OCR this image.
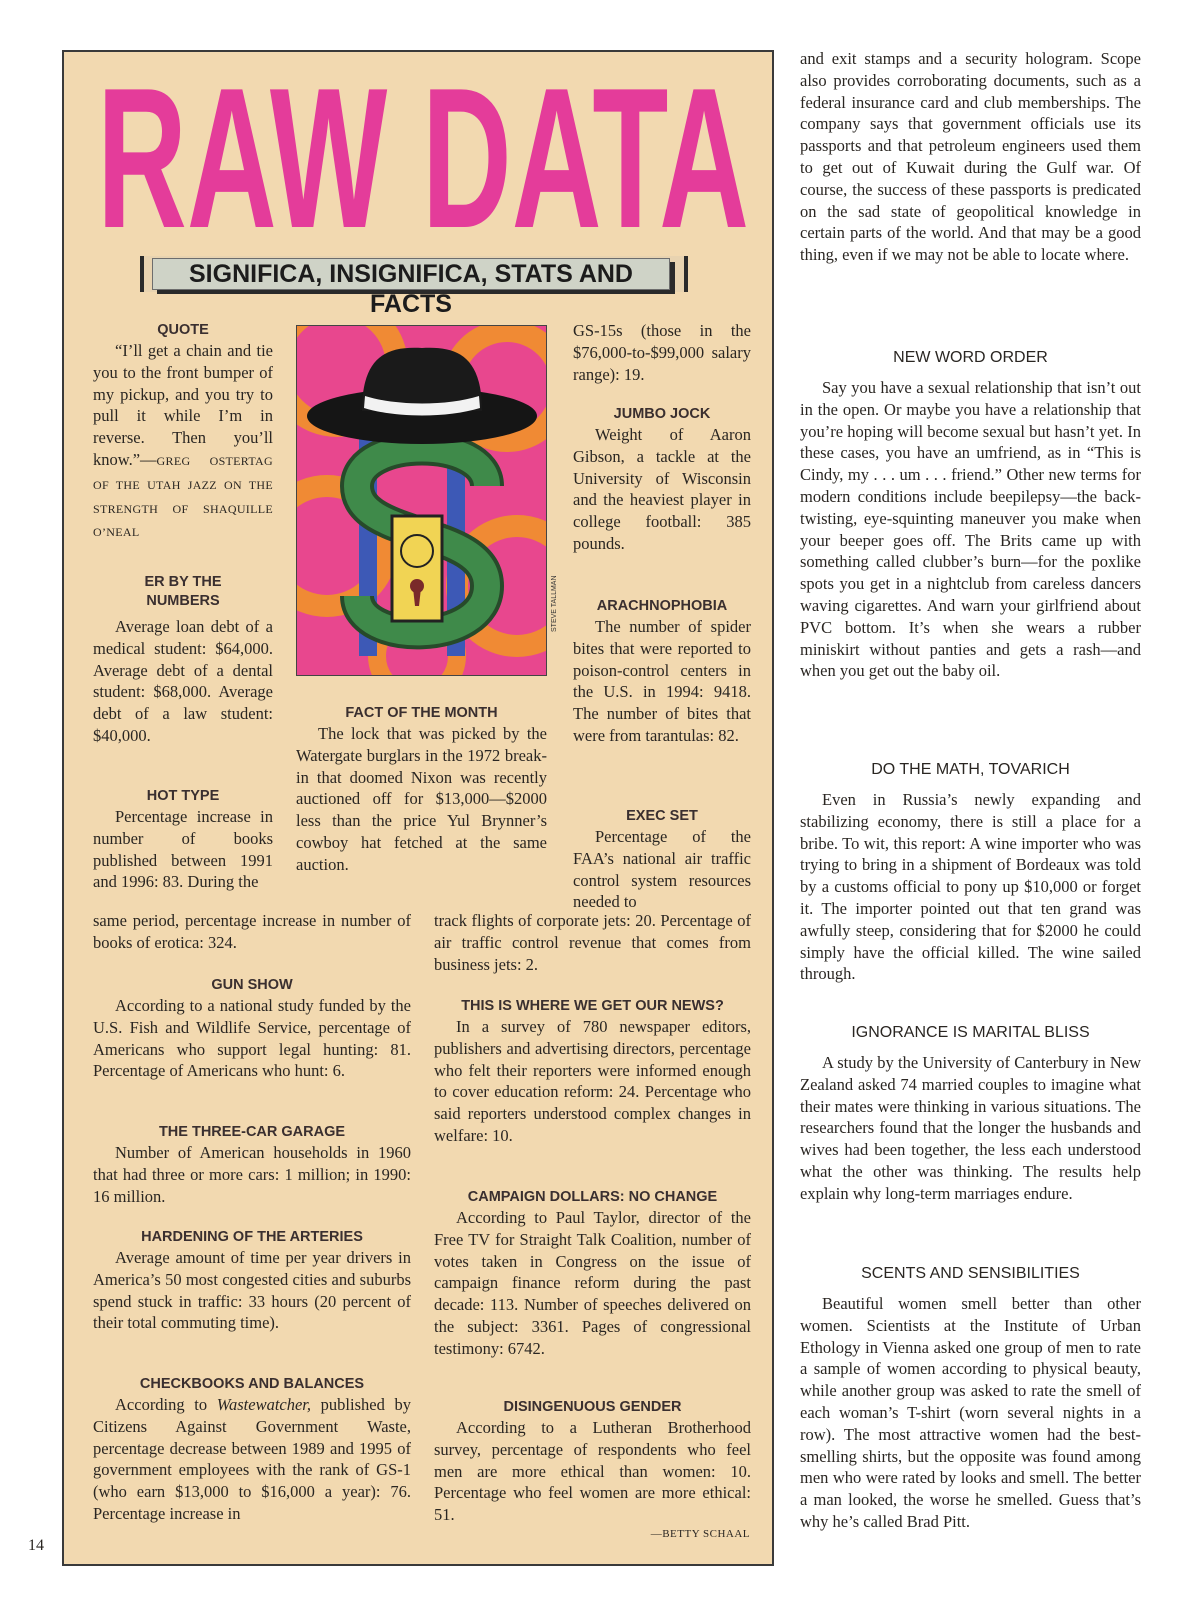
RAW DATA
SIGNIFICA, INSIGNIFICA, STATS AND FACTS
STEVE TALLMAN
QUOTE

“I’ll get a chain and tie you to the front bumper of my pickup, and you try to pull it while I’m in reverse. Then you’ll know.”—GREG OSTERTAG OF THE UTAH JAZZ ON THE STRENGTH OF SHAQUILLE O’NEAL

ER BY THE
NUMBERS

Average loan debt of a medical student: $64,000. Average debt of a dental student: $68,000. Average debt of a law student: $40,000.

HOT TYPE

Percentage increase in number of books published between 1991 and 1996: 83. During the

same period, percentage increase in number of books of erotica: 324.

GUN SHOW

According to a national study funded by the U.S. Fish and Wildlife Service, percentage of Americans who support legal hunting: 81. Percentage of Americans who hunt: 6.

THE THREE-CAR GARAGE

Number of American households in 1960 that had three or more cars: 1 million; in 1990: 16 million.

HARDENING OF THE ARTERIES

Average amount of time per year drivers in America’s 50 most congested cities and suburbs spend stuck in traffic: 33 hours (20 percent of their total commuting time).

CHECKBOOKS AND BALANCES

According to Wastewatcher, published by Citizens Against Government Waste, percentage decrease between 1989 and 1995 of government employees with the rank of GS-1 (who earn $13,000 to $16,000 a year): 76. Percentage increase in

FACT OF THE MONTH

The lock that was picked by the Watergate burglars in the 1972 break-in that doomed Nixon was recently auctioned off for $13,000—$2000 less than the price Yul Brynner’s cowboy hat fetched at the same auction.

GS-15s (those in the $76,000-to-$99,000 salary range): 19.

JUMBO JOCK

Weight of Aaron Gibson, a tackle at the University of Wisconsin and the heaviest player in college football: 385 pounds.

ARACHNOPHOBIA

The number of spider bites that were reported to poison-control centers in the U.S. in 1994: 9418. The number of bites that were from tarantulas: 82.

EXEC SET

Percentage of the FAA’s national air traffic control system resources needed to

track flights of corporate jets: 20. Percentage of air traffic control revenue that comes from business jets: 2.

THIS IS WHERE WE GET OUR NEWS?

In a survey of 780 newspaper editors, publishers and advertising directors, percentage who felt their reporters were informed enough to cover education reform: 24. Percentage who said reporters understood complex changes in welfare: 10.

CAMPAIGN DOLLARS: NO CHANGE

According to Paul Taylor, director of the Free TV for Straight Talk Coalition, number of votes taken in Congress on the issue of campaign finance reform during the past decade: 113. Number of speeches delivered on the subject: 3361. Pages of congressional testimony: 6742.

DISINGENUOUS GENDER

According to a Lutheran Brotherhood survey, percentage of respondents who feel men are more ethical than women: 10. Percentage who feel women are more ethical: 51.

—BETTY SCHAAL

and exit stamps and a security hologram. Scope also provides corroborating documents, such as a federal insurance card and club memberships. The company says that government officials use its passports and that petroleum engineers used them to get out of Kuwait during the Gulf war. Of course, the success of these passports is predicated on the sad state of geopolitical knowledge in certain parts of the world. And that may be a good thing, even if we may not be able to locate where.

NEW WORD ORDER

Say you have a sexual relationship that isn’t out in the open. Or maybe you have a relationship that you’re hoping will become sexual but hasn’t yet. In these cases, you have an umfriend, as in “This is Cindy, my . . . um . . . friend.” Other new terms for modern conditions include beepilepsy—the back-twisting, eye-squinting maneuver you make when your beeper goes off. The Brits came up with something called clubber’s burn—for the poxlike spots you get in a nightclub from careless dancers waving cigarettes. And warn your girlfriend about PVC bottom. It’s when she wears a rubber miniskirt without panties and gets a rash—and when you get out the baby oil.

DO THE MATH, TOVARICH

Even in Russia’s newly expanding and stabilizing economy, there is still a place for a bribe. To wit, this report: A wine importer who was trying to bring in a shipment of Bordeaux was told by a customs official to pony up $10,000 or forget it. The importer pointed out that ten grand was awfully steep, considering that for $2000 he could simply have the official killed. The wine sailed through.

IGNORANCE IS MARITAL BLISS

A study by the University of Canterbury in New Zealand asked 74 married couples to imagine what their mates were thinking in various situations. The researchers found that the longer the husbands and wives had been together, the less each understood what the other was thinking. The results help explain why long-term marriages endure.

SCENTS AND SENSIBILITIES

Beautiful women smell better than other women. Scientists at the Institute of Urban Ethology in Vienna asked one group of men to rate a sample of women according to physical beauty, while another group was asked to rate the smell of each woman’s T-shirt (worn several nights in a row). The most attractive women had the best-smelling shirts, but the opposite was found among men who were rated by looks and smell. The better a man looked, the worse he smelled. Guess that’s why he’s called Brad Pitt.

14
